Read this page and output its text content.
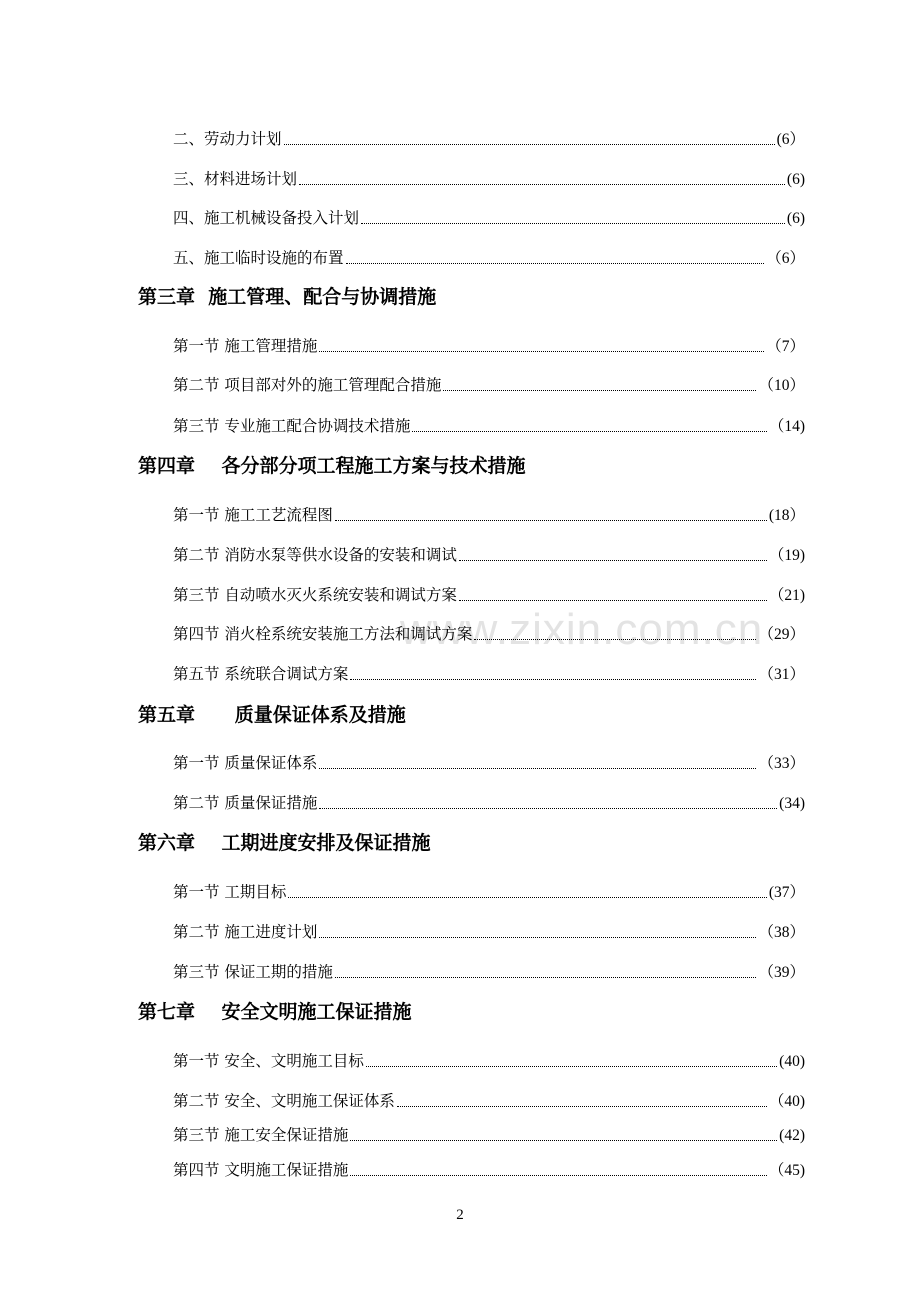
www.zixin.com.cn
二、劳动力计划	(6）
三、材料进场计划	(6)
四、施工机械设备投入计划	(6)
五、施工临时设施的布置	（6）
第三章  施工管理、配合与协调措施
第一节 施工管理措施	（7）
第二节 项目部对外的施工管理配合措施	（10）
第三节 专业施工配合协调技术措施	（14)
第四章    各分部分项工程施工方案与技术措施
第一节 施工工艺流程图	(18）
第二节 消防水泵等供水设备的安装和调试	（19)
第三节 自动喷水灭火系统安装和调试方案	（21)
第四节 消火栓系统安装施工方法和调试方案	（29）
第五节 系统联合调试方案	（31）
第五章      质量保证体系及措施
第一节 质量保证体系	（33）
第二节 质量保证措施	(34)
第六章    工期进度安排及保证措施
第一节 工期目标	(37）
第二节 施工进度计划	（38）
第三节 保证工期的措施	（39）
第七章    安全文明施工保证措施
第一节 安全、文明施工目标	(40)
第二节 安全、文明施工保证体系	（40)
第三节 施工安全保证措施	(42)
第四节 文明施工保证措施	（45)
2
